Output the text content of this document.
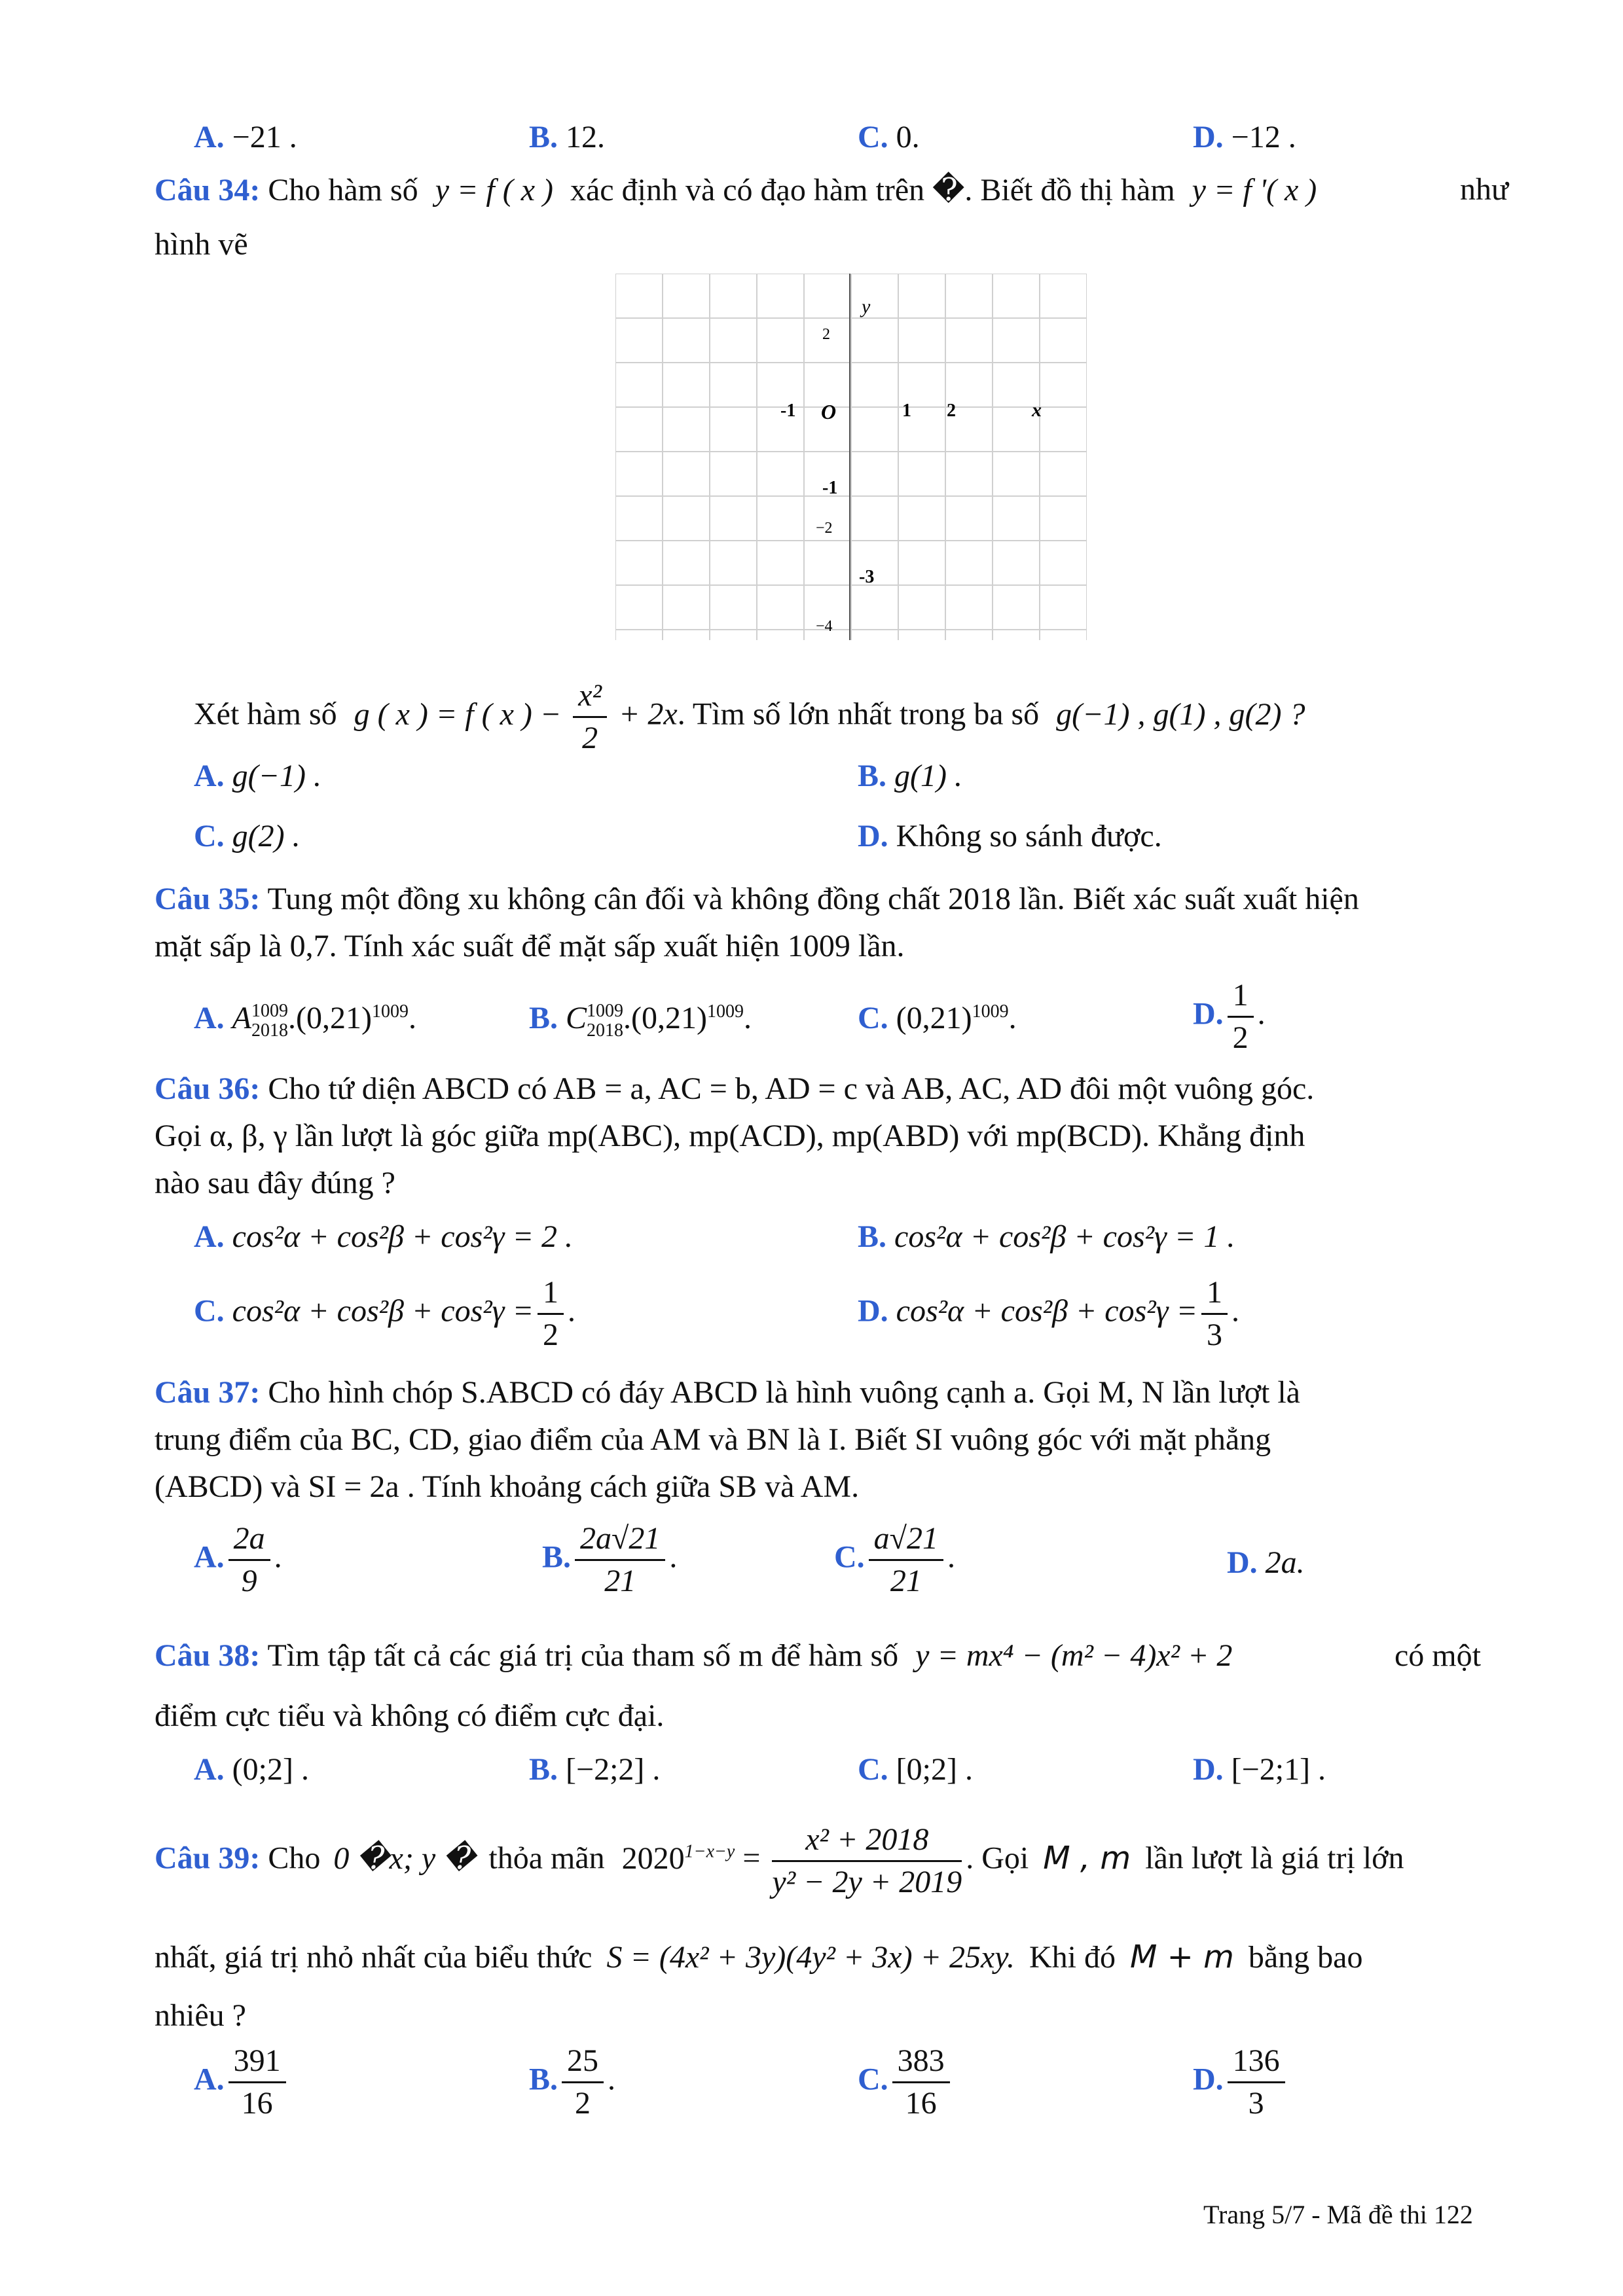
A. −21 .	B. 12.	C. 0.	D. −12 .
Câu 34: Cho hàm số y = f ( x ) xác định và có đạo hàm trên �. Biết đồ thị hàm y = f '( x )	như
hình vẽ
y
x
O
2
-1	1 2
-1
−2
-3
−4
Xét hàm số g ( x ) = f ( x ) − $\frac{\text{x²}}{2} + 2x$. Tìm số lớn nhất trong ba số g(−1) , g(1) , g(2) ?
A. g(−1) .	B. g(1) .
C. g(2) .	D. Không so sánh được.
Câu 35: Tung một đồng xu không cân đối và không đồng chất 2018 lần. Biết xác suất xuất hiện
mặt sấp là 0,7. Tính xác suất để mặt sấp xuất hiện 1009 lần.
A. A 1009
2018 $.(0,21)^{1009}$.	B. C 1009
2018 $.(0,21)^{1009}$.	C. $(0,21)^{1009}$.	D. $\frac{1}{2}$ .
Câu 36: Cho tứ diện ABCD có AB = a, AC = b, AD = c và AB, AC, AD đôi một vuông góc.
Gọi α, β, γ lần lượt là góc giữa mp(ABC), mp(ACD), mp(ABD) với mp(BCD). Khẳng định
nào sau đây đúng ?
A. cos²α + cos²β + cos²γ = 2 .	B. cos²α + cos²β + cos²γ = 1 .
C. $\cos^2\alpha + \cos^2\beta + \cos^2\gamma = \frac{1}{2}$ .	D. $\cos^2\alpha + \cos^2\beta + \cos^2\gamma = \frac{1}{3}$ .
Câu 37: Cho hình chóp S.ABCD có đáy ABCD là hình vuông cạnh a. Gọi M, N lần lượt là
trung điểm của BC, CD, giao điểm của AM và BN là I. Biết SI vuông góc với mặt phẳng
(ABCD) và SI = 2a . Tính khoảng cách giữa SB và AM.
A. $\frac{2a}{9}$ .	B. $\frac{2a√21}{21}$ .	C. $\frac{a√21}{21}$ .	D. 2a.
Câu 38: Tìm tập tất cả các giá trị của tham số m để hàm số y = mx⁴ − (m² − 4)x² + 2	có một
điểm cực tiểu và không có điểm cực đại.
A. (0;2] .	B. [−2;2] .	C. [0;2] .	D. [−2;1] .
Câu 39: Cho 0 �x; y � thỏa mãn $2020^{1-x-y} = \frac{\text{x² + 2018}}{\text{y² − 2y + 2019}}$ . Gọi M , m lần lượt là giá trị lớn
nhất, giá trị nhỏ nhất của biểu thức S = (4x² + 3y)(4y² + 3x) + 25xy. Khi đó M + m bằng bao
nhiêu ?
A. $\frac{391}{16}$	B. $\frac{25}{2}$ .	C. $\frac{383}{16}$	D. $\frac{136}{3}$
Trang 5/7 - Mã đề thi 122
